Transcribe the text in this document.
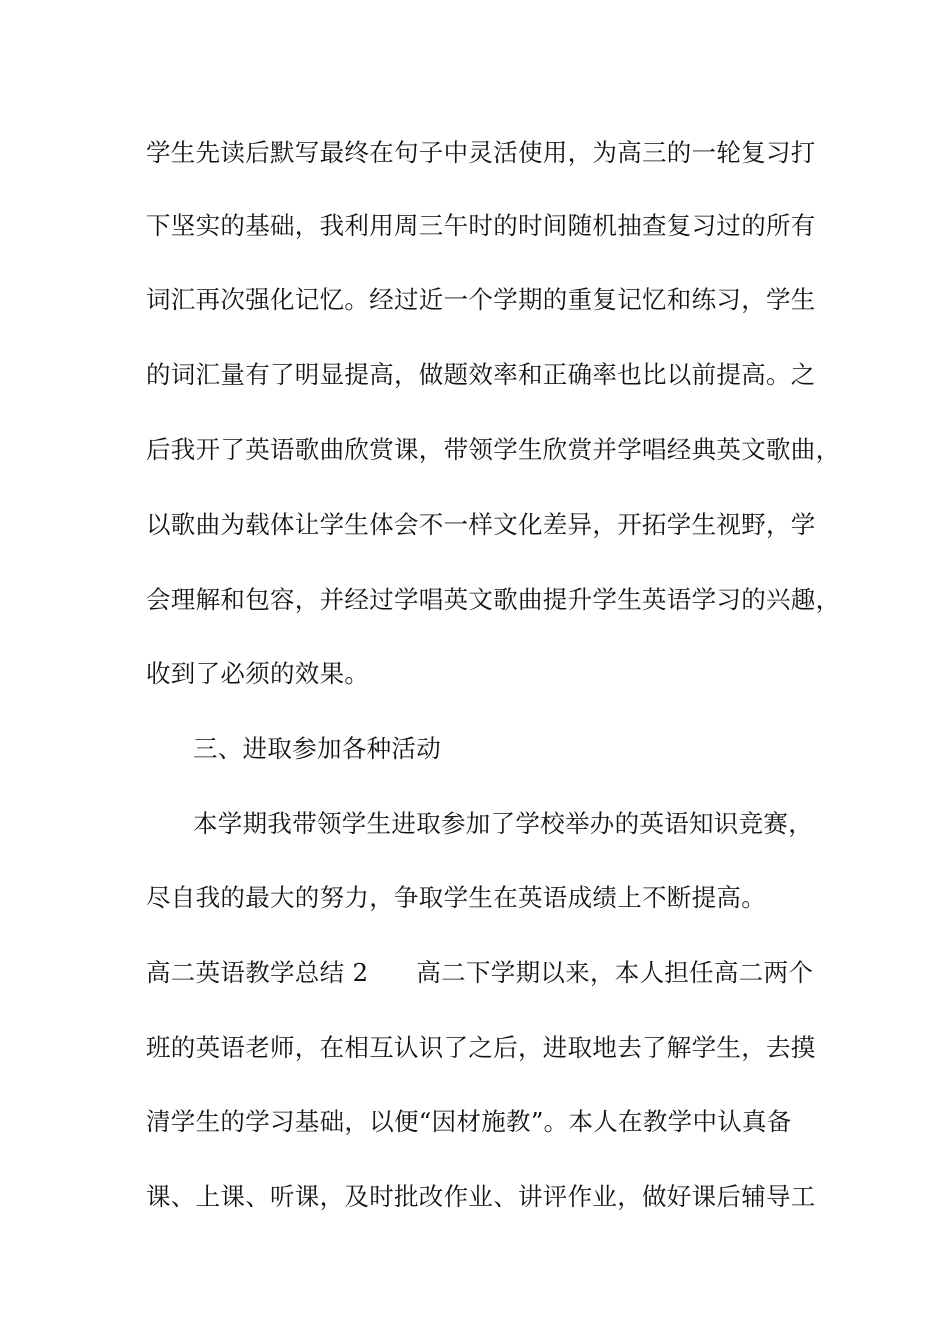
学生先读后默写最终在句子中灵活使用，为高三的一轮复习打
下坚实的基础，我利用周三午时的时间随机抽查复习过的所有
词汇再次强化记忆。经过近一个学期的重复记忆和练习，学生
的词汇量有了明显提高，做题效率和正确率也比以前提高。之
后我开了英语歌曲欣赏课，带领学生欣赏并学唱经典英文歌曲，
以歌曲为载体让学生体会不一样文化差异，开拓学生视野，学
会理解和包容，并经过学唱英文歌曲提升学生英语学习的兴趣，
收到了必须的效果。
三、进取参加各种活动
本学期我带领学生进取参加了学校举办的英语知识竞赛，
尽自我的最大的努力，争取学生在英语成绩上不断提高。
高二英语教学总结 2 高二下学期以来，本人担任高二两个
班的英语老师，在相互认识了之后，进取地去了解学生，去摸
清学生的学习基础，以便“因材施教”。本人在教学中认真备
课、上课、听课，及时批改作业、讲评作业，做好课后辅导工
